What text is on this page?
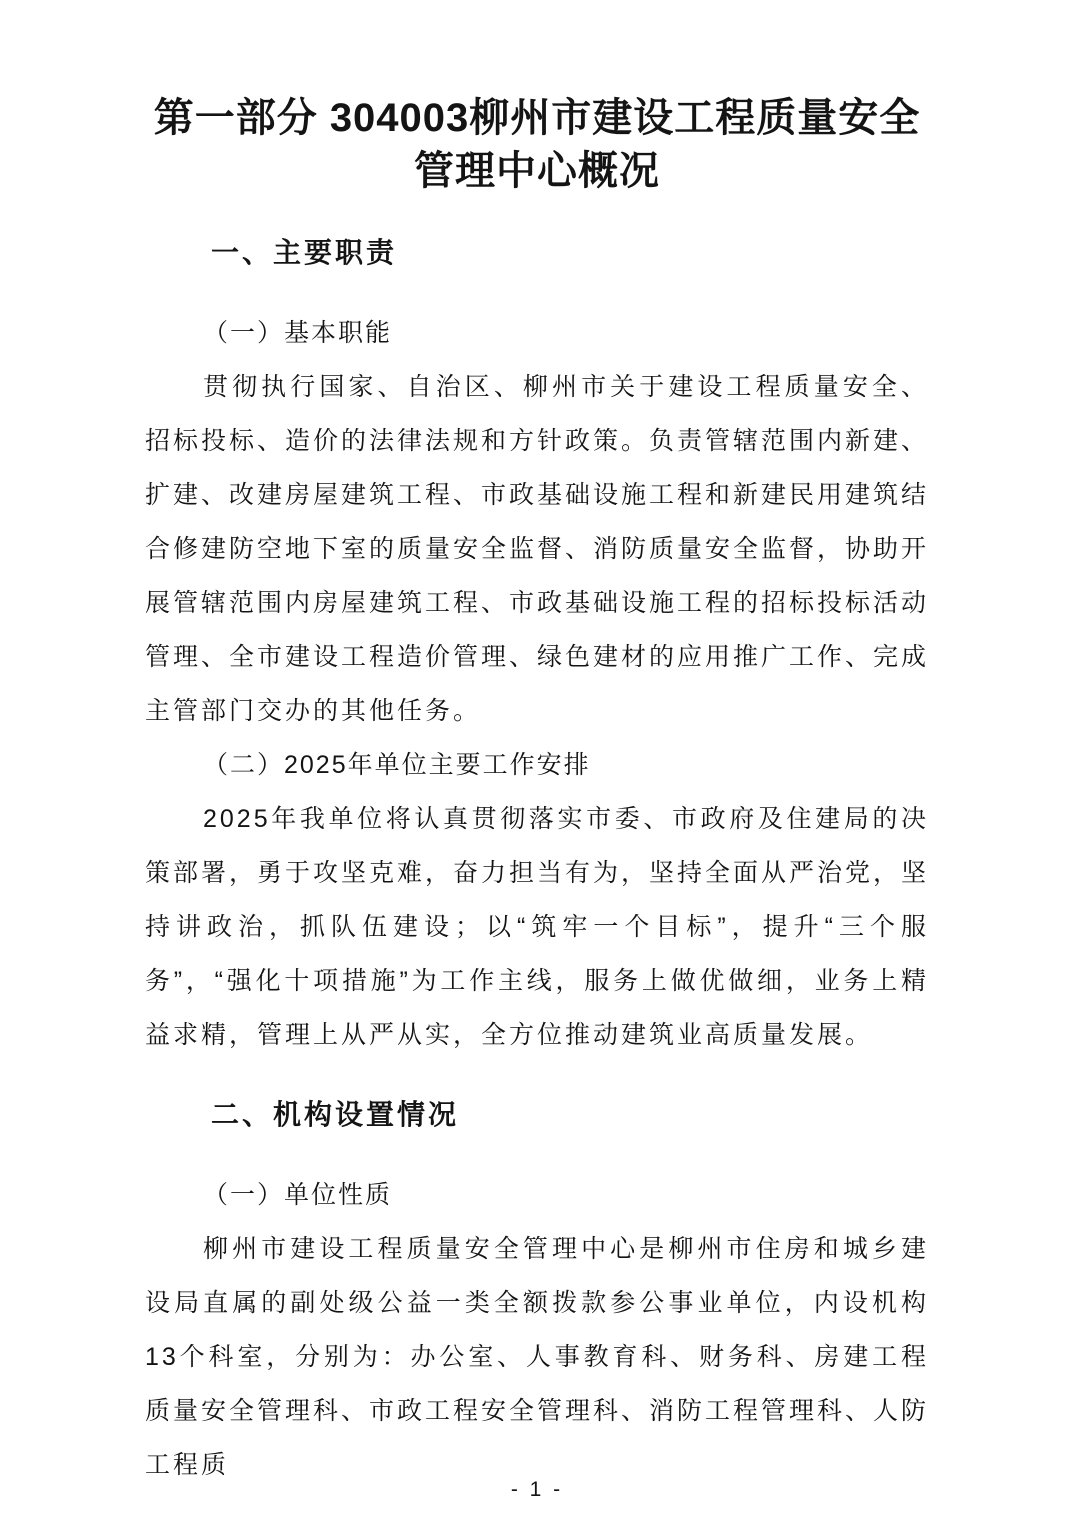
第一部分 304003柳州市建设工程质量安全
管理中心概况
一、主要职责

（一）基本职能

贯彻执行国家、自治区、柳州市关于建设工程质量安全、招标投标、造价的法律法规和方针政策。负责管辖范围内新建、扩建、改建房屋建筑工程、市政基础设施工程和新建民用建筑结合修建防空地下室的质量安全监督、消防质量安全监督，协助开展管辖范围内房屋建筑工程、市政基础设施工程的招标投标活动管理、全市建设工程造价管理、绿色建材的应用推广工作、完成主管部门交办的其他任务。

（二）2025年单位主要工作安排

2025年我单位将认真贯彻落实市委、市政府及住建局的决策部署，勇于攻坚克难，奋力担当有为，坚持全面从严治党，坚持讲政治，抓队伍建设；以“筑牢一个目标”，提升“三个服务”，“强化十项措施”为工作主线，服务上做优做细，业务上精益求精，管理上从严从实，全方位推动建筑业高质量发展。

二、机构设置情况

（一）单位性质

柳州市建设工程质量安全管理中心是柳州市住房和城乡建设局直属的副处级公益一类全额拨款参公事业单位，内设机构13个科室，分别为：办公室、人事教育科、财务科、房建工程质量安全管理科、市政工程安全管理科、消防工程管理科、人防工程质

- 1 -
